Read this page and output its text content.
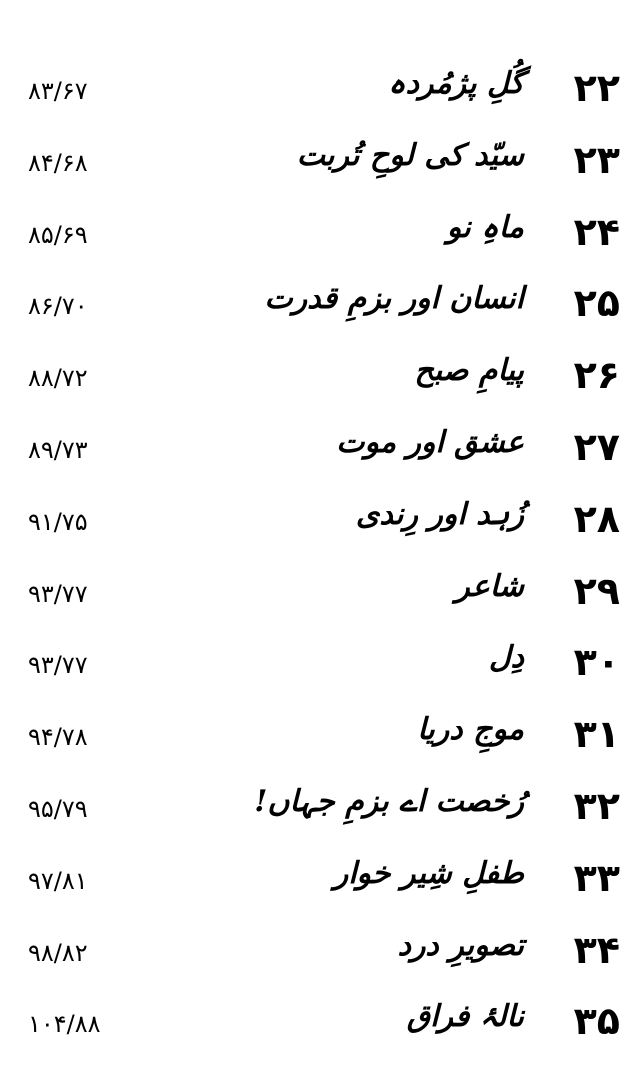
۲۲
گُلِ پژمُردہ
۸۳/۶۷
۲۳
سیّد کی لوحِ تُربت
۸۴/۶۸
۲۴
ماہِ نو
۸۵/۶۹
۲۵
انسان اور بزمِ قدرت
۸۶/۷۰
۲۶
پیامِ صبح
۸۸/۷۲
۲۷
عشق اور موت
۸۹/۷۳
۲۸
زُہد اور رِندی
۹۱/۷۵
۲۹
شاعر
۹۳/۷۷
۳۰
دِل
۹۳/۷۷
۳۱
موجِ دریا
۹۴/۷۸
۳۲
رُخصت اے بزمِ جہاں!
۹۵/۷۹
۳۳
طفلِ شِیر خوار
۹۷/۸۱
۳۴
تصویرِ درد
۹۸/۸۲
۳۵
نالۂ فراق
۱۰۴/۸۸
